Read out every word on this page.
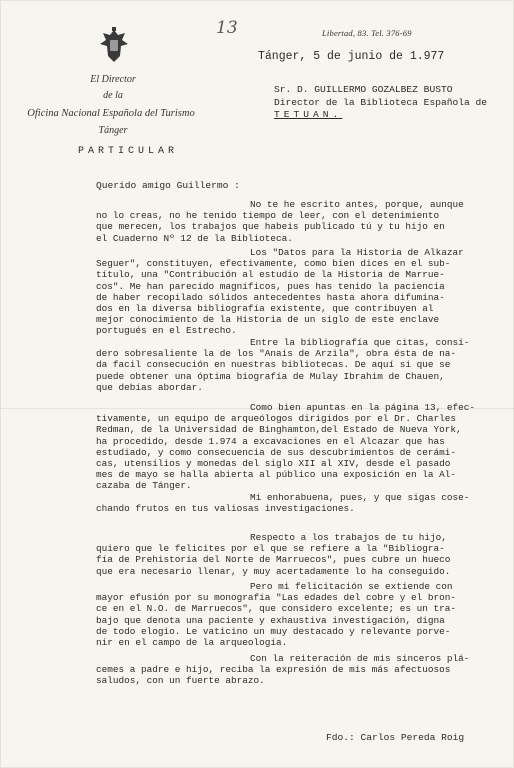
13	Libertad, 83. Tel. 376-69
Tánger, 5 de junio de 1.977
El Director
de la
Oficina Nacional Española del Turismo
Tánger
PARTICULAR
Sr. D. GUILLERMO GOZALBEZ BUSTO
Director de la Biblioteca Española de
TETUAN.
Querido amigo Guillermo :
No te he escrito antes, porque, aunque
no lo creas, no he tenido tiempo de leer, con el detenimiento
que merecen, los trabajos que habeis publicado tú y tu hijo en
el Cuaderno Nº 12 de la Biblioteca.
Los "Datos para la Historia de Alkazar
Seguer", constituyen, efectivamente, como bien dices en el sub-
título, una "Contribución al estudio de la Historia de Marrue-
cos". Me han parecido magníficos, pues has tenido la paciencia
de haber recopilado sólidos antecedentes hasta ahora difumina-
dos en la diversa bibliografía existente, que contribuyen al
mejor conocimiento de la Historia de un siglo de este enclave
portugués en el Estrecho.
Entre la bibliografía que citas, consi-
dero sobresaliente la de los "Anais de Arzila", obra ésta de na-
da facil consecución en nuestras bibliotecas. De aquí si que se
puede obtener una óptima biografía de Mulay Ibrahim de Chauen,
que debías abordar.
Como bien apuntas en la página 13, efec-
tivamente, un equipo de arqueólogos dirigidos por el Dr. Charles
Redman, de la Universidad de Binghamton,del Estado de Nueva York,
ha procedido, desde 1.974 a excavaciones en el Alcazar que has
estudiado, y como consecuencia de sus descubrimientos de cerámi-
cas, utensilios y monedas del siglo XII al XIV, desde el pasado
mes de mayo se halla abierta al público una exposición en la Al-
cazaba de Tánger.
Mi enhorabuena, pues, y que sigas cose-
chando frutos en tus valiosas investigaciones.
Respecto a los trabajos de tu hijo,
quiero que le felicites por el que se refiere a la "Bibliogra-
fía de Prehistoria del Norte de Marruecos", pues cubre un hueco
que era necesario llenar, y muy acertadamente lo ha conseguido.
Pero mi felicitación se extiende con
mayor efusión por su monografía "Las edades del cobre y el bron-
ce en el N.O. de Marruecos", que considero excelente; es un tra-
bajo que denota una paciente y exhaustiva investigación, digna
de todo elogio. Le vaticino un muy destacado y relevante porve-
nir en el campo de la arqueología.
Con la reiteración de mis sinceros plá-
cemes a padre e hijo, reciba la expresión de mis más afectuosos
saludos, con un fuerte abrazo.
Fdo.: Carlos Pereda Roig
